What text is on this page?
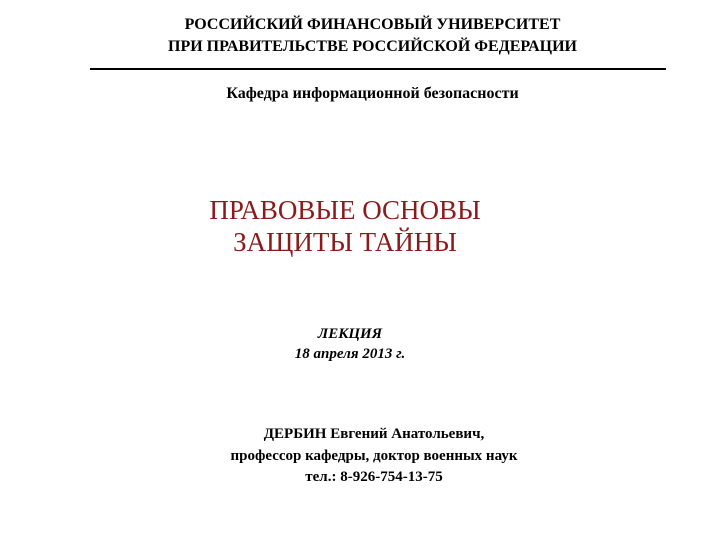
РОССИЙСКИЙ ФИНАНСОВЫЙ УНИВЕРСИТЕТ
ПРИ ПРАВИТЕЛЬСТВЕ РОССИЙСКОЙ ФЕДЕРАЦИИ
Кафедра информационной безопасности
ПРАВОВЫЕ ОСНОВЫ
ЗАЩИТЫ ТАЙНЫ
ЛЕКЦИЯ
18 апреля 2013 г.
ДЕРБИН Евгений Анатольевич,
профессор кафедры, доктор военных наук
тел.: 8-926-754-13-75
